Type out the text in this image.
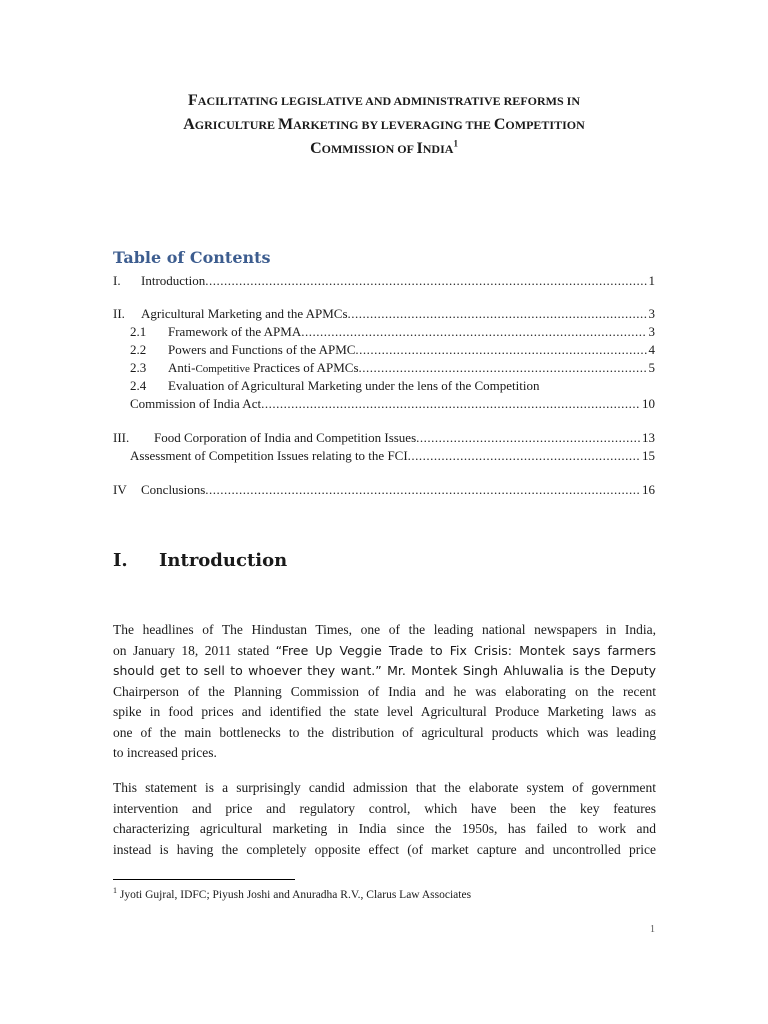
FACILITATING LEGISLATIVE AND ADMINISTRATIVE REFORMS IN
AGRICULTURE MARKETING BY LEVERAGING THE COMPETITION
COMMISSION OF INDIA$^1$
Table of Contents
I.	Introduction .....	1
II.	Agricultural Marketing and the APMCs .....	3
2.1	Framework of the APMA .....	3
2.2	Powers and Functions of the APMC .....	4
2.3	Anti-Competitive Practices of APMCs .....	5
2.4	Evaluation of Agricultural Marketing under the lens of the Competition
Commission of India Act .....	10
III.	Food Corporation of India and Competition Issues .....	13
Assessment of Competition Issues relating to the FCI .....	15
IV	Conclusions .....	16
I. Introduction
The headlines of The Hindustan Times, one of the leading national newspapers in India,
on January 18, 2011 stated “Free Up Veggie Trade to Fix Crisis: Montek says farmers
should get to sell to whoever they want.” Mr. Montek Singh Ahluwalia is the Deputy
Chairperson of the Planning Commission of India and he was elaborating on the recent
spike in food prices and identified the state level Agricultural Produce Marketing laws as
one of the main bottlenecks to the distribution of agricultural products which was leading
to increased prices.
This statement is a surprisingly candid admission that the elaborate system of government
intervention and price and regulatory control, which have been the key features
characterizing agricultural marketing in India since the 1950s, has failed to work and
instead is having the completely opposite effect (of market capture and uncontrolled price
$^1$ Jyoti Gujral, IDFC; Piyush Joshi and Anuradha R.V., Clarus Law Associates
1
